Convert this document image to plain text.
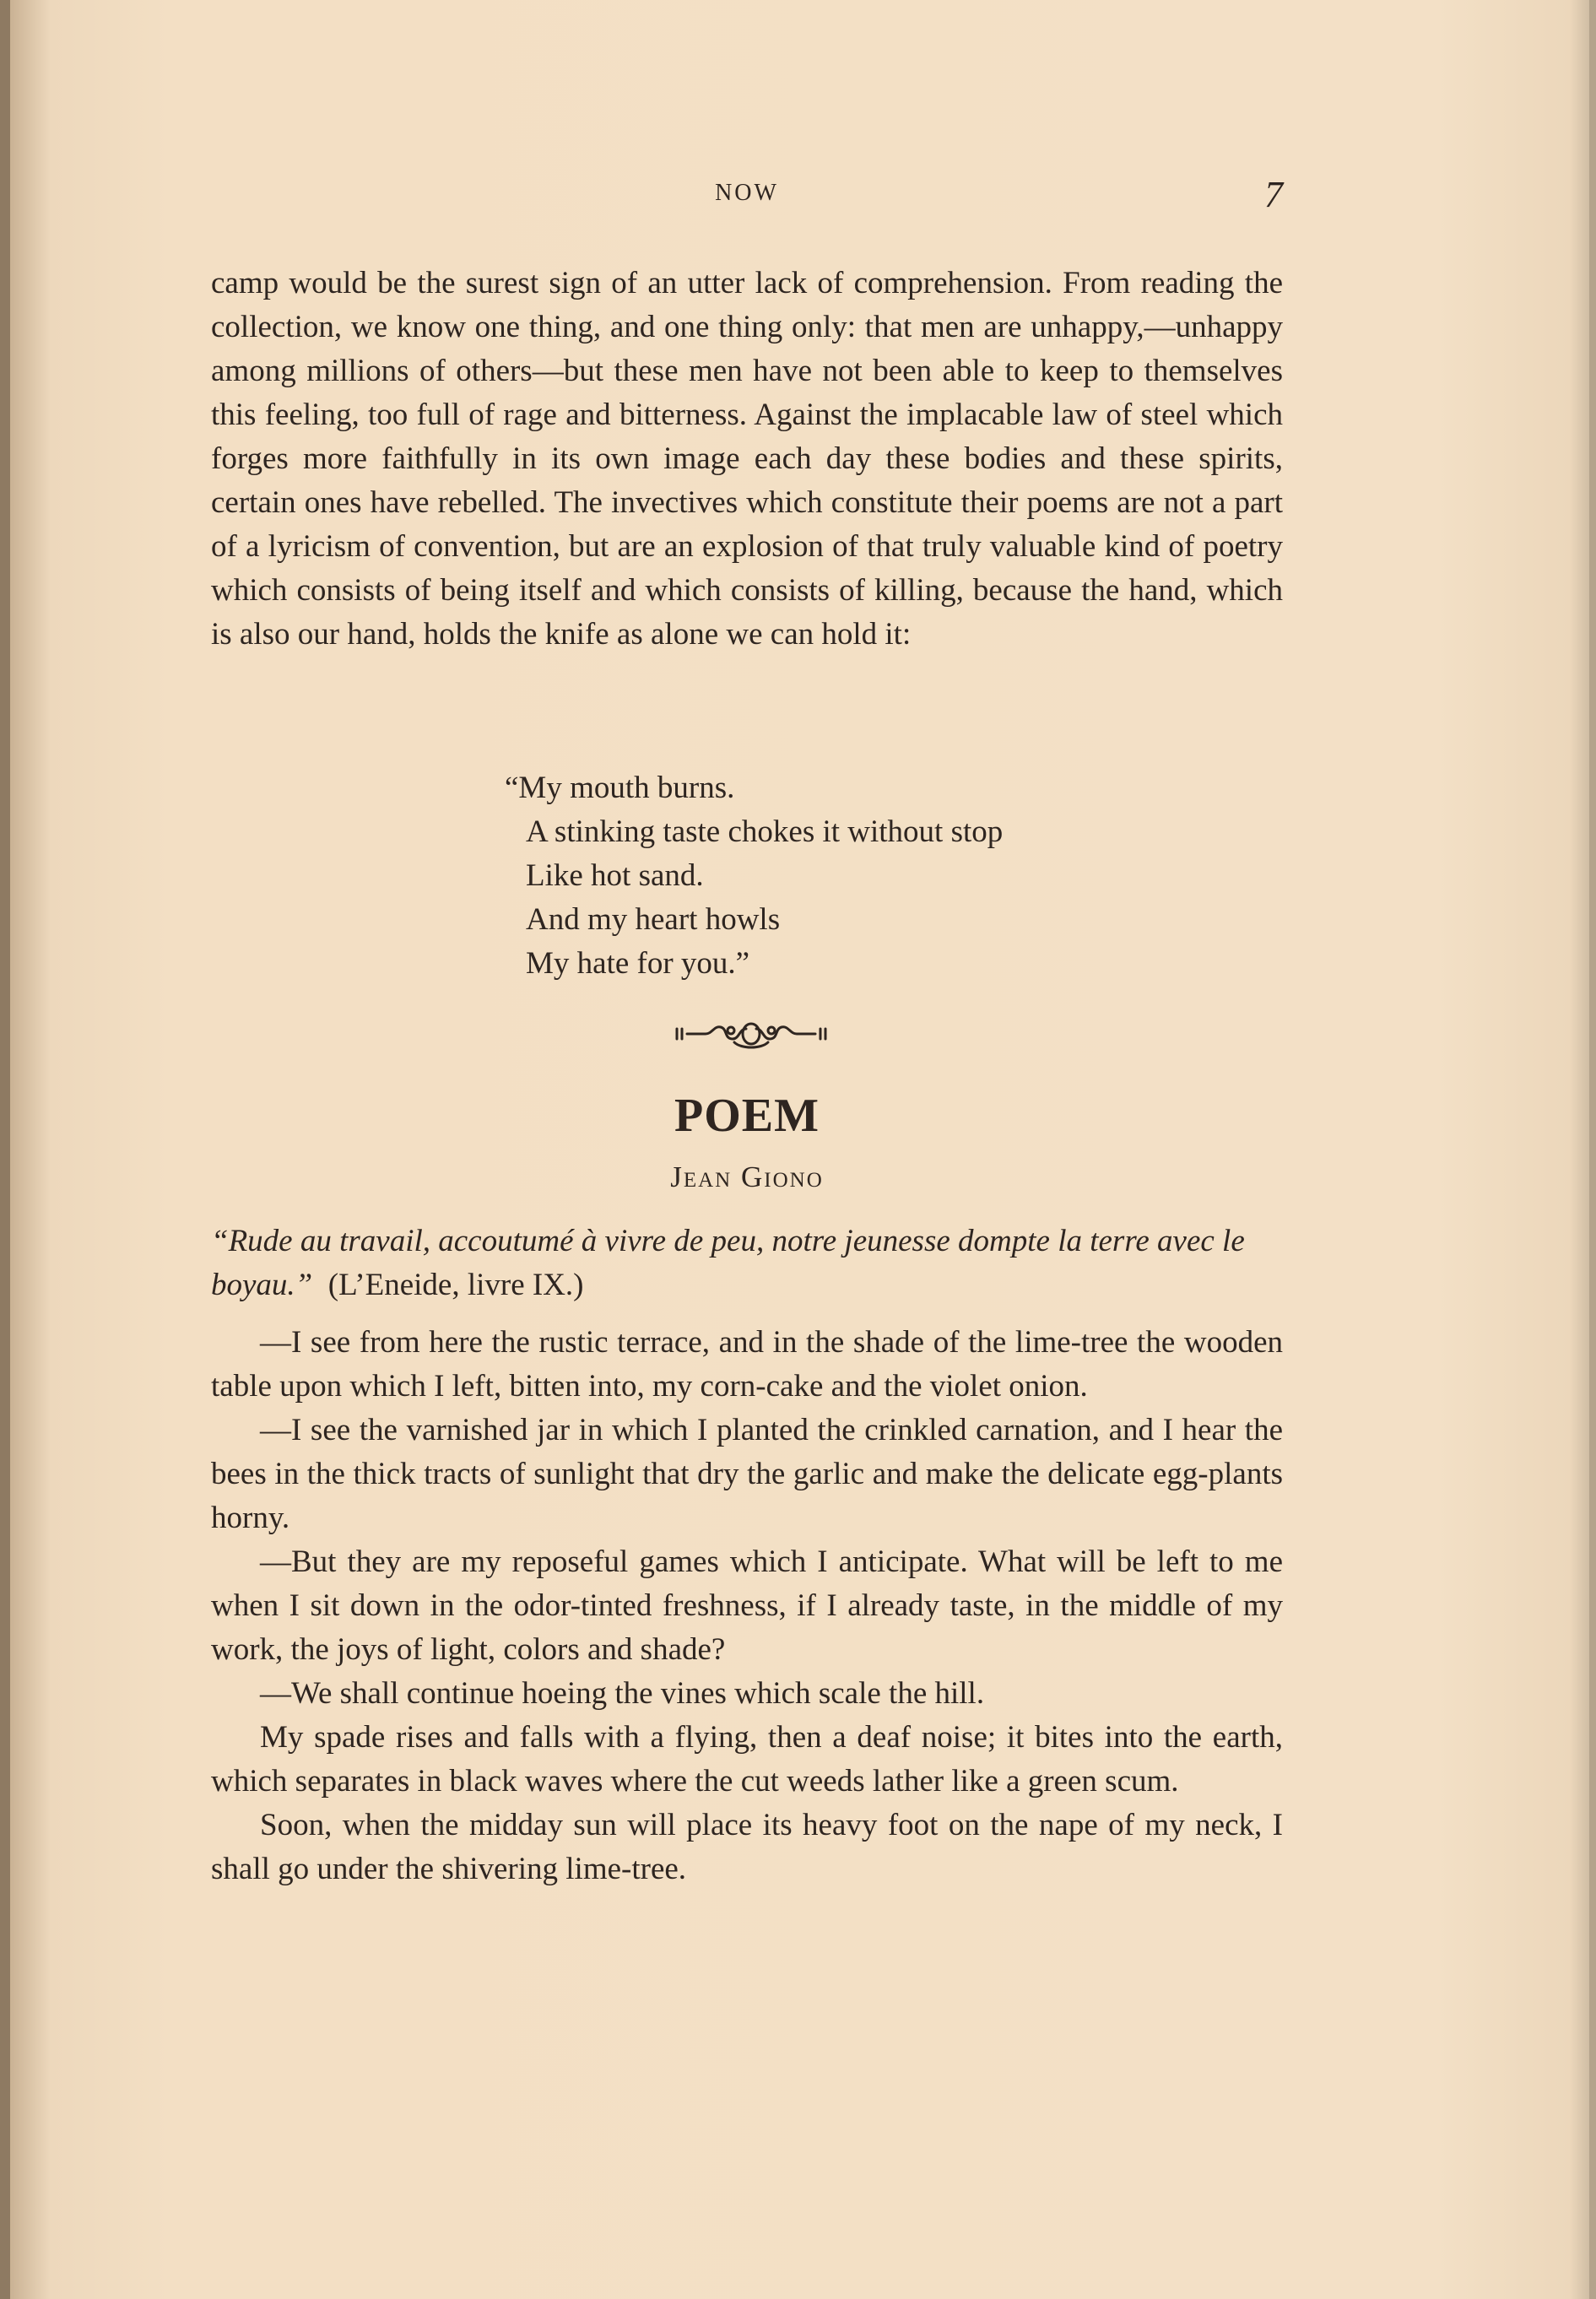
NOW	7

camp would be the surest sign of an utter lack of comprehension. From reading the collection, we know one thing, and one thing only: that men are unhappy,—unhappy among millions of others—but these men have not been able to keep to themselves this feeling, too full of rage and bitterness. Against the implacable law of steel which forges more faithfully in its own image each day these bodies and these spirits, certain ones have rebelled. The invectives which constitute their poems are not a part of a lyricism of convention, but are an explosion of that truly valuable kind of poetry which consists of being itself and which consists of killing, because the hand, which is also our hand, holds the knife as alone we can hold it:

“My mouth burns.
A stinking taste chokes it without stop
Like hot sand.
And my heart howls
My hate for you.”
POEM
Jean Giono
“Rude au travail, accoutumé à vivre de peu, notre jeunesse dompte la terre avec le boyau.” (L’Eneide, livre IX.)

—I see from here the rustic terrace, and in the shade of the lime-tree the wooden table upon which I left, bitten into, my corn-cake and the violet onion.

—I see the varnished jar in which I planted the crinkled carnation, and I hear the bees in the thick tracts of sunlight that dry the garlic and make the delicate egg-plants horny.

—But they are my reposeful games which I anticipate. What will be left to me when I sit down in the odor-tinted freshness, if I already taste, in the middle of my work, the joys of light, colors and shade?

—We shall continue hoeing the vines which scale the hill.

My spade rises and falls with a flying, then a deaf noise; it bites into the earth, which separates in black waves where the cut weeds lather like a green scum.

Soon, when the midday sun will place its heavy foot on the nape of my neck, I shall go under the shivering lime-tree.
